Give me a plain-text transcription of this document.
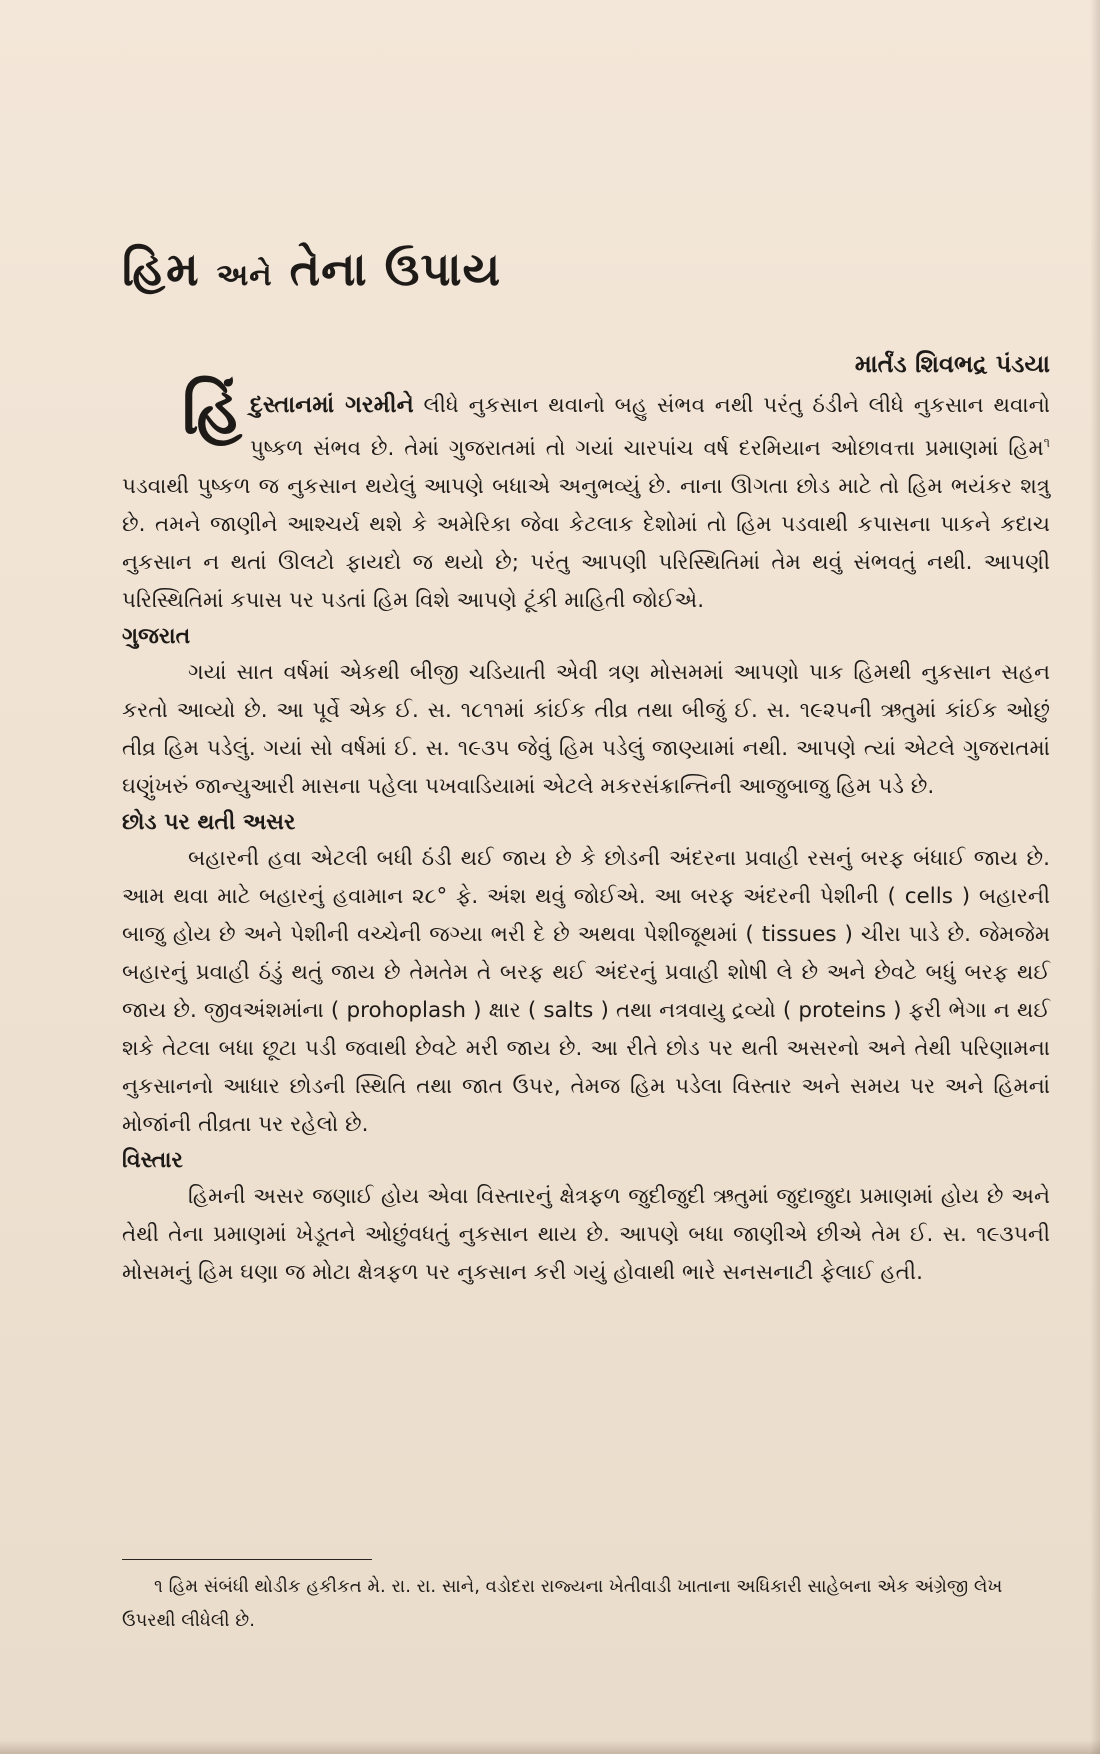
હિમ અને તેના ઉપાય
માર્તંડ શિવભદ્ર પંડયા

હિંદુસ્તાનમાં ગરમીને લીધે નુકસાન થવાનો બહુ સંભવ નથી પરંતુ ઠંડીને લીધે નુકસાન થવાનો પુષ્કળ સંભવ છે. તેમાં ગુજરાતમાં તો ગયાં ચારપાંચ વર્ષ દરમિયાન ઓછાવત્તા પ્રમાણમાં હિમ$^૧$ પડવાથી પુષ્કળ જ નુકસાન થયેલું આપણે બધાએ અનુભવ્યું છે. નાના ઊગતા છોડ માટે તો હિમ ભયંકર શત્રુ છે. તમને જાણીને આશ્ચર્ય થશે કે અમેરિકા જેવા કેટલાક દેશોમાં તો હિમ પડવાથી કપાસના પાકને કદાચ નુકસાન ન થતાં ઊલટો ફાયદો જ થયો છે; પરંતુ આપણી પરિસ્થિતિમાં તેમ થવું સંભવતું નથી. આપણી પરિસ્થિતિમાં કપાસ પર પડતાં હિમ વિશે આપણે ટૂંકી માહિતી જોઈએ.

ગુજરાત

ગયાં સાત વર્ષમાં એકથી બીજી ચડિયાતી એવી ત્રણ મોસમમાં આપણો પાક હિમથી નુકસાન સહન કરતો આવ્યો છે. આ પૂર્વે એક ઈ. સ. ૧૮૧૧માં કાંઈક તીવ્ર તથા બીજું ઈ. સ. ૧૯૨૫ની ઋતુમાં કાંઈક ઓછું તીવ્ર હિમ પડેલું. ગયાં સો વર્ષમાં ઈ. સ. ૧૯૩૫ જેવું હિમ પડેલું જાણ્યામાં નથી. આપણે ત્યાં એટલે ગુજરાતમાં ઘણુંખરું જાન્યુઆરી માસના પહેલા પખવાડિયામાં એટલે મકરસંક્રાન્તિની આજુબાજુ હિમ પડે છે.

છોડ પર થતી અસર

બહારની હવા એટલી બધી ઠંડી થઈ જાય છે કે છોડની અંદરના પ્રવાહી રસનું બરફ બંધાઈ જાય છે. આમ થવા માટે બહારનું હવામાન ૨૮° ફે. અંશ થવું જોઈએ. આ બરફ અંદરની પેશીની ( cells ) બહારની બાજુ હોય છે અને પેશીની વચ્ચેની જગ્યા ભરી દે છે અથવા પેશીજૂથમાં ( tissues ) ચીરા પાડે છે. જેમજેમ બહારનું પ્રવાહી ઠંડું થતું જાય છે તેમતેમ તે બરફ થઈ અંદરનું પ્રવાહી શોષી લે છે અને છેવટે બધું બરફ થઈ જાય છે. જીવઅંશમાંના ( prohoplash ) ક્ષાર ( salts ) તથા નત્રવાયુ દ્રવ્યો ( proteins ) ફરી ભેગા ન થઈ શકે તેટલા બધા છૂટા પડી જવાથી છેવટે મરી જાય છે. આ રીતે છોડ પર થતી અસરનો અને તેથી પરિણામના નુકસાનનો આધાર છોડની સ્થિતિ તથા જાત ઉપર, તેમજ હિમ પડેલા વિસ્તાર અને સમય પર અને હિમનાં મોજાંની તીવ્રતા પર રહેલો છે.

વિસ્તાર

હિમની અસર જણાઈ હોય એવા વિસ્તારનું ક્ષેત્રફળ જુદીજુદી ઋતુમાં જુદાજુદા પ્રમાણમાં હોય છે અને તેથી તેના પ્રમાણમાં ખેડૂતને ઓછુંવધતું નુકસાન થાય છે. આપણે બધા જાણીએ છીએ તેમ ઈ. સ. ૧૯૩૫ની મોસમનું હિમ ઘણા જ મોટા ક્ષેત્રફળ પર નુકસાન કરી ગયું હોવાથી ભારે સનસનાટી ફેલાઈ હતી.

૧ હિમ સંબંધી થોડીક હકીકત મે. રા. રા. સાને, વડોદરા રાજ્યના ખેતીવાડી ખાતાના અધિકારી સાહેબના એક અંગ્રેજી લેખ ઉપરથી લીધેલી છે.
